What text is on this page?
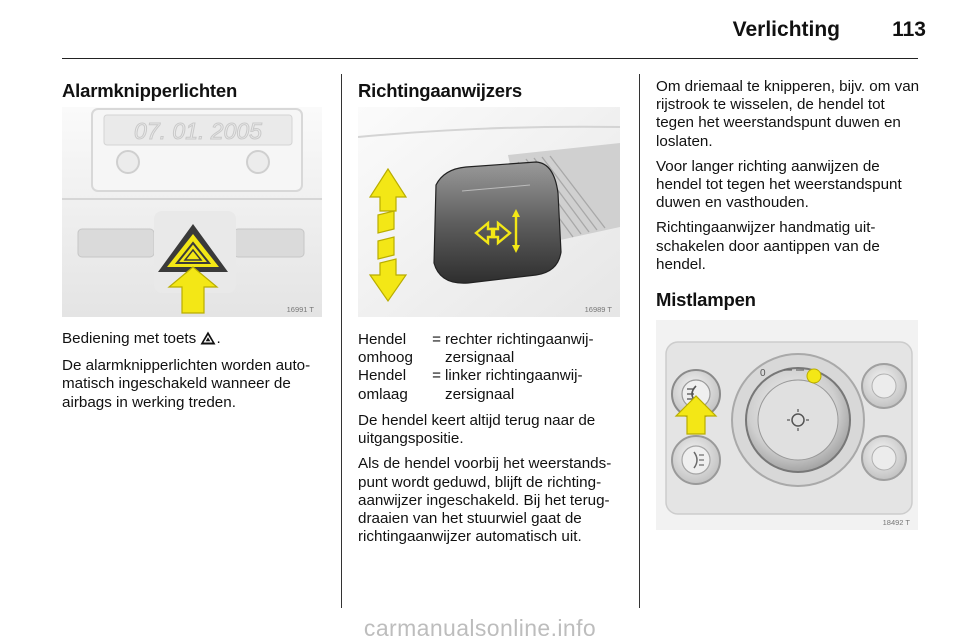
Verlichting	113
Alarmknipperlichten
07. 01. 2005
16991 T

Bediening met toets .

De alarmknipperlichten worden auto-matisch ingeschakeld wanneer de airbags in werking treden.

Richtingaanwijzers
16989 T
Hendel omhoog	=	rechter richtingaanwij-zersignaal
Hendel omlaag	=	linker richtingaanwij-zersignaal

De hendel keert altijd terug naar de uitgangspositie.

Als de hendel voorbij het weerstands-punt wordt geduwd, blijft de richting-aanwijzer ingeschakeld. Bij het terug-draaien van het stuurwiel gaat de richtingaanwijzer automatisch uit.

Om driemaal te knipperen, bijv. om van rijstrook te wisselen, de hendel tot tegen het weerstandspunt duwen en loslaten.

Voor langer richting aanwijzen de hendel tot tegen het weerstandspunt duwen en vasthouden.

Richtingaanwijzer handmatig uit-schakelen door aantippen van de hendel.

Mistlampen
0
18492 T
carmanualsonline.info
